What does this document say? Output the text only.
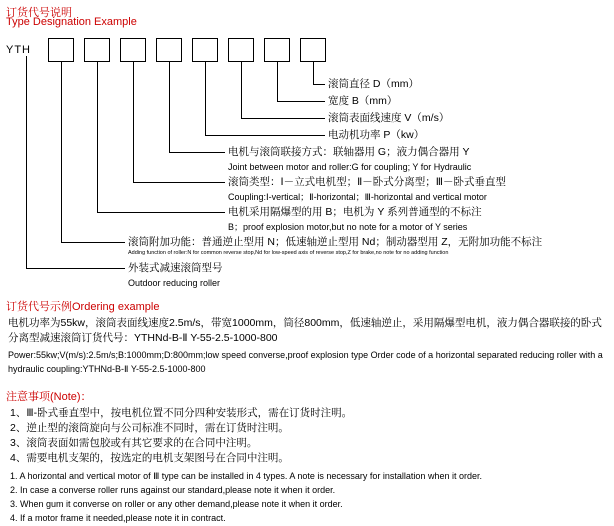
订货代号说明
Type Designation Example
YTH
滚筒直径 D（mm）
宽度 B（mm）
滚筒表面线速度 V（m/s）
电动机功率 P（kw）
电机与滚筒联接方式：联轴器用 G；液力偶合器用 Y
Joint between motor and roller:G for coupling; Y for Hydraulic
滚筒类型：Ⅰ－立式电机型；Ⅱ－卧式分离型；Ⅲ－卧式垂直型
Coupling:Ⅰ-vertical；Ⅱ-horizontal；Ⅲ-horizontal and vertical motor
电机采用隔爆型的用 B；电机为 Y 系列普通型的不标注
B；proof explosion motor,but no note for a motor of Y series
滚筒附加功能：普通逆止型用 N；低速轴逆止型用 Nd；制动器型用 Z，无附加功能不标注
Adding function of roller:N for common reverse stop,Nd for low-speed axis of reverse stop,Z for brake,no note for no adding function
外装式减速滚筒型号
Outdoor reducing roller
订货代号示例Ordering example
电机功率为55kw，滚筒表面线速度2.5m/s，带宽1000mm，筒径800mm，低速轴逆止，采用隔爆型电机，液力偶合器联接的卧式分离型减速滚筒订货代号：YTHNd-B-Ⅱ Y-55-2.5-1000-800
Power:55kw;V(m/s):2.5m/s;B:1000mm;D:800mm;low speed converse,proof explosion type Order code of a horizontal separated reducing roller with a hydraulic coupling:YTHNd-B-Ⅱ Y-55-2.5-1000-800
注意事项(Note)：
1、Ⅲ-卧式垂直型中，按电机位置不同分四种安装形式，需在订货时注明。
2、逆止型的滚筒旋向与公司标准不同时，需在订货时注明。
3、滚筒表面如需包胶或有其它要求的在合同中注明。
4、需要电机支架的，按选定的电机支架图号在合同中注明。
1. A horizontal and vertical motor of Ⅲ type can be installed in 4 types. A note is necessary for installation when it order.
2. In case a converse roller runs against our standard,please note it when it order.
3. When gum it converse on roller or any other demand,please note it when it order.
4. If a motor frame it needed,please note it in contract.
